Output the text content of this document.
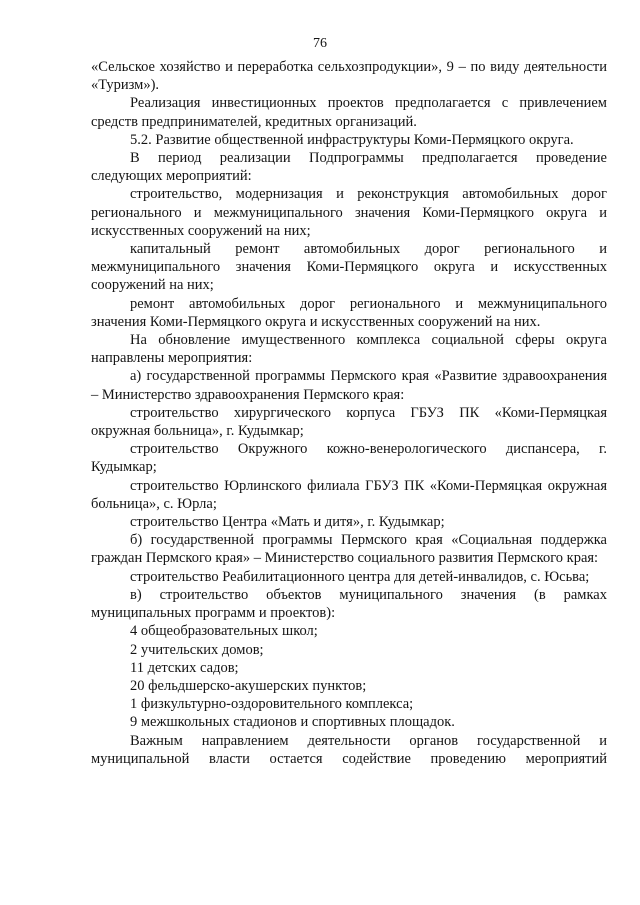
76

«Сельское хозяйство и переработка сельхозпродукции», 9 – по виду деятельности «Туризм»).

Реализация инвестиционных проектов предполагается с привлечением средств предпринимателей, кредитных организаций.

5.2. Развитие общественной инфраструктуры Коми-Пермяцкого округа.

В период реализации Подпрограммы предполагается проведение следующих мероприятий:

строительство, модернизация и реконструкция автомобильных дорог регионального и межмуниципального значения Коми-Пермяцкого округа и искусственных сооружений на них;

капитальный ремонт автомобильных дорог регионального и межмуниципального значения Коми-Пермяцкого округа и искусственных сооружений на них;

ремонт автомобильных дорог регионального и межмуниципального значения Коми-Пермяцкого округа и искусственных сооружений на них.

На обновление имущественного комплекса социальной сферы округа направлены мероприятия:

а) государственной программы Пермского края «Развитие здравоохранения – Министерство здравоохранения Пермского края:

строительство хирургического корпуса ГБУЗ ПК «Коми-Пермяцкая окружная больница», г. Кудымкар;

строительство Окружного кожно-венерологического диспансера, г. Кудымкар;

строительство Юрлинского филиала ГБУЗ ПК «Коми-Пермяцкая окружная больница», с. Юрла;

строительство Центра «Мать и дитя», г. Кудымкар;

б) государственной программы Пермского края «Социальная поддержка граждан Пермского края» – Министерство социального развития Пермского края:

строительство Реабилитационного центра для детей-инвалидов, с. Юсьва;

в) строительство объектов муниципального значения (в рамках муниципальных программ и проектов):

4 общеобразовательных школ;

2 учительских домов;

11 детских садов;

20 фельдшерско-акушерских пунктов;

1 физкультурно-оздоровительного комплекса;

9 межшкольных стадионов и спортивных площадок.

Важным направлением деятельности органов государственной и муниципальной власти остается содействие проведению мероприятий
